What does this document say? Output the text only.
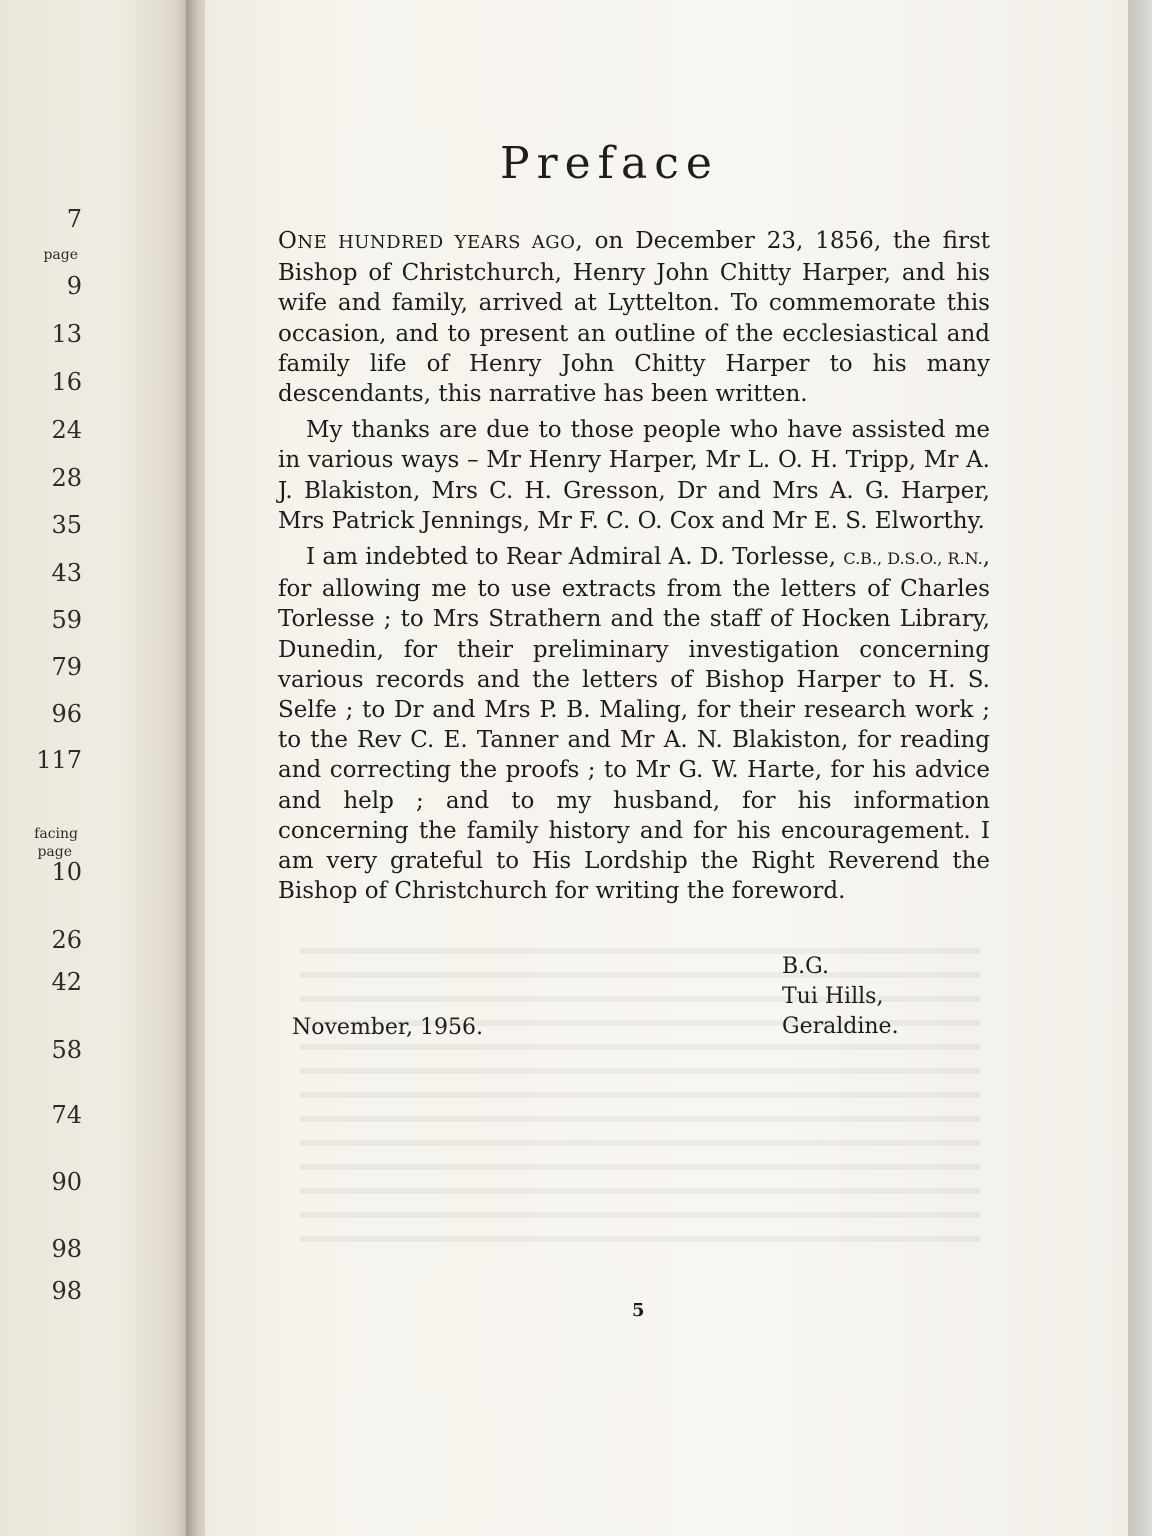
7
page
9
13
16
24
28
35
43
59
79
96
117
facing
page
10
26
42
58
74
90
98
98
Preface

ONE HUNDRED YEARS AGO, on December 23, 1856, the first Bishop of Christchurch, Henry John Chitty Harper, and his wife and family, arrived at Lyttelton. To commemorate this occasion, and to present an outline of the ecclesiastical and family life of Henry John Chitty Harper to his many descendants, this narrative has been written.

My thanks are due to those people who have assisted me in various ways – Mr Henry Harper, Mr L. O. H. Tripp, Mr A. J. Blakiston, Mrs C. H. Gresson, Dr and Mrs A. G. Harper, Mrs Patrick Jennings, Mr F. C. O. Cox and Mr E. S. Elworthy.

I am indebted to Rear Admiral A. D. Torlesse, C.B., D.S.O., R.N., for allowing me to use extracts from the letters of Charles Torlesse ; to Mrs Strathern and the staff of Hocken Library, Dunedin, for their preliminary investigation concerning various records and the letters of Bishop Harper to H. S. Selfe ; to Dr and Mrs P. B. Maling, for their research work ; to the Rev C. E. Tanner and Mr A. N. Blakiston, for reading and correcting the proofs ; to Mr G. W. Harte, for his advice and help ; and to my husband, for his information concerning the family history and for his encouragement. I am very grateful to His Lordship the Right Reverend the Bishop of Christchurch for writing the foreword.

B.G.
Tui Hills,
Geraldine.
November, 1956.
5
